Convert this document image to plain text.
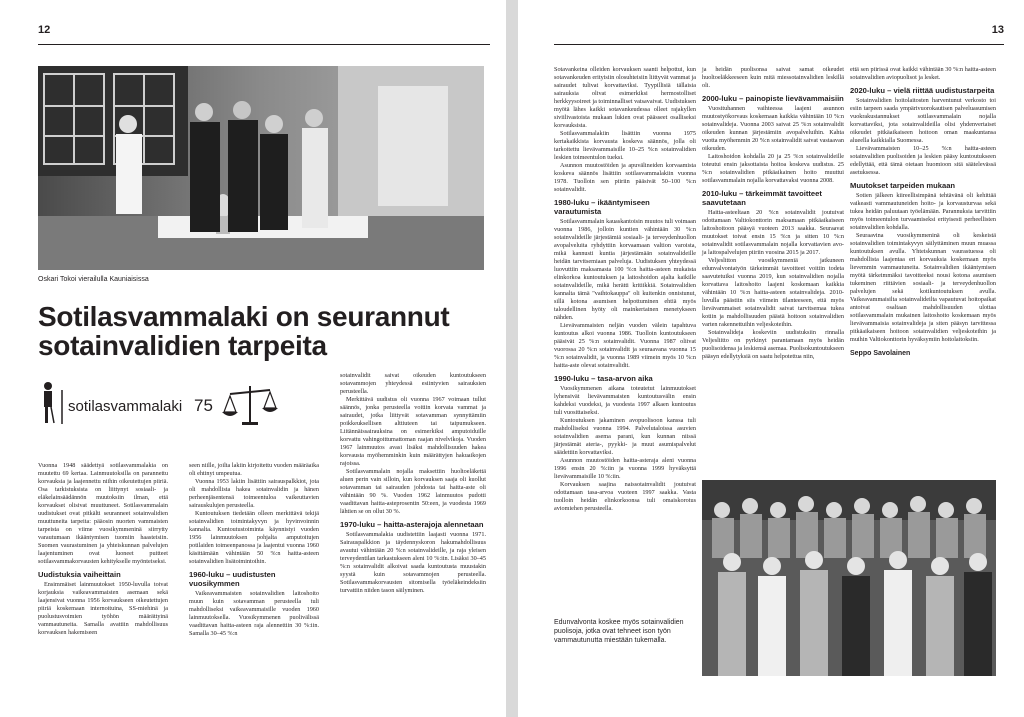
12
Oskari Tokoi vierailulla Kauniaisissa
Sotilasvammalaki on seurannut sotainvalidien tarpeita
sotilasvammalaki 75

Vuonna 1948 säädettyä sotilasvammalakia on muutettu 69 kertaa. Lainmuutoksilla on parannettu korvauksia ja laajennettu niihin oikeutettujen piiriä. Osa tarkistuksista on liittynyt sosiaali- ja eläkelainsäädännön muutoksiin ilman, että korvaukset olisivat muuttuneet. Sotilasvammalain uudistukset ovat pitkälti seuranneet sotainvalidien muuttuneita tarpeita: pääosin nuorten vammaisten tarpeista on viime vuosikymmeninä siirrytty varautumaan ikääntymisen tuomiin haasteisiin. Suomen vaurastuminen ja yhteiskunnan palvelujen laajentuminen ovat luoneet puitteet sotilasvammakorvausten kehitykselle myönteiseksi.

Uudistuksia vaiheittain

Ensimmäiset lainmuutokset 1950-luvulla toivat korjauksia vaikeavammaisten asemaan sekä laajensivat vuonna 1956 korvaukseen oikeutettujen piiriä koskemaan internoituina, SS-miehinä ja puolustusvoimien työhön määrättyinä vammautuneita. Samalla avattiin mahdollisuus korvauksen hakemiseen

seen niille, joilta lakiin kirjoitettu vuoden määräaika oli ehtinyt umpeutua.

Vuonna 1953 lakiin lisättiin sairauspalkkiot, jota oli mahdollista hakea sotainvalidin ja hänen perheenjäsentensä toimeentuloa vaikeuttavien sairauskulujen perusteella.

Kuntoutuksen tiedetään olleen merkittävä tekijä sotainvalidien toimintakyvyn ja hyvinvoinnin kannalta. Kuntoutustoiminta käynnistyi vuoden 1956 lainmuutoksen pohjalta amputoitujen potilaiden toimeenpanossa ja laajentui vuonna 1960 käsittämään vähintään 50 %:n haitta-asteen sotainvalidien lisätoimintoihin.

1960-luku – uudistusten vuosikymmen

Vaikeavammaisten sotainvalidien laitoshoito muun kuin sotavamman perusteella tuli mahdolliseksi vaikeavammaisille vuoden 1960 lainmuutoksella. Vuosikymmenen puolivälissä vaadittavan haitta-asteen raja alennettiin 30 %:iin. Samalla 30–45 %:n

sotainvalidit saivat oikeuden kuntoutukseen sotavammojen yhteydessä esiintyvien sairauksien perusteella.

Merkittävä uudistus oli vuonna 1967 voimaan tullut säännös, jonka perusteella voitiin korvata vammat ja sairaudet, jotka liittyvät sotavamman synnyttämiin poikkeuksellisen alttiuteen tai taipumukseen. Liitännäissairauksina on esimerkiksi amputoiduille korvattu vahingoittumattoman raajan nivelvikoja. Vuoden 1967 lainmuutos avasi lisäksi mahdollisuuden hakea korvausta myöhemminkin kuin määrättyjen hakuaikojen rajoissa.

Sotilasvammalain nojalla maksettiin huoltoeläkettä aluen perin vain silloin, kun korvauksen saaja oli kuollut sotavamman tai sairauden johdosta tai haitta-aste oli vähintään 90 %. Vuoden 1962 lainmuutos pudotti vaadittavan haitta-asteprosentin 50:een, ja vuodesta 1969 lähtien se on ollut 30 %.

1970-luku – haitta-asterajoja alennetaan

Sotilasvammalakia uudistettiin laajasti vuonna 1971. Sairauspalkkion ja täydennyskoron hakumahdollisuus avautui vähintään 20 %:n sotainvalideille, ja raja yleisen terveydentilan tarkastukseen aleni 10 %:iin. Lisäksi 30–45 %:n sotainvalidit alkoivat saada kuntoutusta muustakin syystä kuin sotavammojen perusteella. Sotilasvammakorvausten sitomisella työeläkeindeksiin turvattiin niiden tason säilyminen.

13

Sotavankeina olleiden korvauksen saanti helpottui, kun sotavankeuden erityisiin olosuhteisiin liittyvät vammat ja sairaudet tulivat korvattaviksi. Tyypillisiä tällaisia sairauksia olivat esimerkiksi hermostolliset herkkyysoireet ja toiminnalliset vatsavaivat. Uudistuksen myötä lähes kaikki sotavankeudessa olleet rajakyllen siviilivastoista mukaan lukien ovat päässeet osalliseksi korvauksista.

Sotilasvammalakiin lisättiin vuonna 1975 kertakaikkista korvausta koskeva säännös, jolla oli tarkoitettu lievävammaisille 10–25 %:n sotainvalidien leskien toimeentulon tueksi.

Asunnon muutostöiden ja apuvälineiden korvaamista koskeva säännös lisättiin sotilasvammalakiin vuonna 1978. Tuolloin sen piiriin pääsivät 50–100 %:n sotainvalidit.

1980-luku – ikääntymiseen varautumista

Sotilasvammalain kauaskantoisin muutos tuli voimaan vuonna 1986, jolloin kuntien vähintään 30 %:n sotainvalideille järjestämiä sosiaali- ja terveydenhuollon avopalveluita ryhdyttiin korvaamaan valtion varoista, mikä kannusti kuntia järjestämään sotainvalideille heidän tarvitsemiaan palveluja. Uudistuksen yhteydessä luovuttiin maksamasta 100 %:n haitta-asteen mukaista elinkorkoa kuntoutuksen ja laitoshoidon ajalta kaikille sotainvalideille, mikä herätti kritiikkiä. Sotainvalidien kannalta tämä "vaihtokauppa" oli kuitenkin onnistunut, sillä kotona asumisen helpottuminen ehtiä myös taloudellinen hyöty oli mainkertainen menetykseen nähden.

Lievävammaisten neljän vuoden välein tapahtuva kuntoutus alkoi vuonna 1986. Tuolloin kuntoutukseen pääsivät 25 %:n sotainvalidit. Vuonna 1987 oliivat vuorossa 20 %:n sotainvalidit ja seuraavana vuonna 15 %:n sotainvalidit, ja vuonna 1989 viimein myös 10 %:n haitta-aste olevat sotainvalidit.

1990-luku – tasa-arvon aika

Vuosikymmenen aikana toteutetut lainmuutokset lyhensivät lievävammaisten kuntoutusvälin ensin kahdeksi vuodeksi, ja vuodesta 1997 alkaen kuntoutus tuli vuosittaiseksi.

Kuntoutuksen jakaminen avopuolisoon kanssa tuli mahdolliseksi vuonna 1994. Palvelutaloissa asuvien sotainvalidien asema parani, kun kunnan niissä järjestämät ateria-, pyykki- ja muut asumispalvelut säädettiin korvattaviksi.

Asunnon muutostöiden haitta-asteraja aleni vuonna 1996 ensin 20 %:iin ja vuonna 1999 hyväksyttä lievävammaisille 10 %:iin.

Korvauksen saajina naissotainvalidit joutuivat odottamaan tasa-arvoa vuoteen 1997 saakka. Vasta tuolloin heidän elinkorkoonsa tuli omaiskorotus aviomiehen perusteella.

ja heidän puolisonsa saivat samat oikeudet huoltoeläkkeeseen kuin mitä miessotainvalidien leskillä oli.

2000-luku – painopiste lievävammaisiin

Vuosituhannen vaihteessa laajeni asunnon muutostyökorvaus koskemaan kaikkia vähintään 10 %:n sotainvalideja. Vuonna 2003 saivat 25 %:n sotainvalidit oikeuden kunnan järjestämiin avopalveluihin. Kahta vuotta myöhemmin 20 %:n sotainvalidit saivat vastaavan oikeuden.

Laitoshoidon kohdalla 20 ja 25 %:n sotainvalideille toteutui ensin jaksottaista hoitoa koskeva uudistus. 25 %:n sotainvalidien pitkäaikainen hoito muuttui sotilasvammalain nojalla korvattavaksi vuonna 2008.

2010-luku – tärkeimmät tavoitteet saavutetaan

Haitta-asteeltaan 20 %:n sotainvalidit joutuivat odottamaan Valtiokonttorin maksamaan pitkäaikaiseen laitoshoitoon pääsyä vuoteen 2013 saakka. Seuraavat muutokset toivat ensin 15 %:n ja sitten 10 %:n sotainvalidit sotilasvammalain nojalla korvattavien avo- ja laitospalvelujen piiriin vuosina 2015 ja 2017.

Veljeslitton vuosikymmeniä jatkuneen edunvalvontatyön tärkeimmät tavoitteet voitiin todeta saavutetuiksi vuonna 2019, kun sotainvalidien nojalla korvattava laitoshoito laajeni koskemaan kaikkia vähintään 10 %:n haitta-asteen sotainvalideja. 2010-luvulla päästiin siis viimein tilanteeseen, että myös lievävammaiset sotainvalidit saivat tarvitsemaa tukea kotiin ja mahdollisuuden päästä hoitoon sotainvalidien varten rakennettuihin veljeskoteihin.

Sotainvalideja koskeviin uudistuksiin rinnalla Veljesliitto on pyrkinyt parantamaan myös heidän puolisoidensa ja leskiensä asemaa. Puolisokuntoutukseen pääsyn edellytyksiä on saatu helpotettua niin,

että sen piirissä ovat kaikki vähintään 30 %:n haitta-asteen sotainvalidien aviopuolisot ja lesket.

2020-luku – vielä riittää uudistustarpeita

Sotainvalidien hoitolaitosten harventunut verkosto toi esiin tarpeen saada ympärivuorokautisen palveluasumisen vuokrakustannukset sotilasvammalain nojalla korvattaviksi, jota sotainvalideilla olisi yhdenvertaiset oikeudet pitkäaikaiseen hoitoon oman maakuntansa alueella kaikkialla Suomessa.

Lievävammaisten 10–25 %:n haitta-asteen sotainvalidien puolisoiden ja leskien pääsy kuntoutukseen edellyttää, että tämä oietaan huomioon sitä säätelevässä asetuksessa.

Muutokset tarpeiden mukaan

Sotien jälkeen kiireellisimpänä tehtävänä oli kehittää vaikeasti vammautuneiden hoito- ja korvausturvaa sekä tukea heidän paluutaan työelämään. Parannuksia tarvittiin myös toimeentulon turvaamiseksi erityisesti perheellisten sotainvalidien kohdalla.

Seuraavina vuosikymmeninä oli keskeistä sotainvalidien toimintakyvyn säilyttäminen muun muassa kuntoutuksen avulla. Yhteiskunnan vaurastuessa oli mahdollista laajentaa eri korvauksia koskemaan myös lievemmin vammautuneita. Sotainvalidien ikääntymisen myötä tärkeimmäksi tavoitteeksi nousi kotona asumisen tukeminen riittävien sosiaali- ja terveydenhuollon palvelujen sekä kotikuntoutuksen avulla. Vaikeavammaisilta sotainvalideilta vapautuvat hoitopaikat antoivat osaltaan mahdollisuuden ulottaa sotilasvammalain mukainen laitoshoito koskemaan myös lievävammaisia sotainvalideja ja siten pääsyn tarvittessa pitkäaikaiseen hoitoon sotainvalidien veljeskoteihin ja muihin Valtiokonttorin hyväksymiin hoitolaitoksiin.

Seppo Savolainen
Edunvalvonta koskee myös sotainvalidien puolisoja, jotka ovat tehneet ison työn vammautunutta miestään tukemalla.
